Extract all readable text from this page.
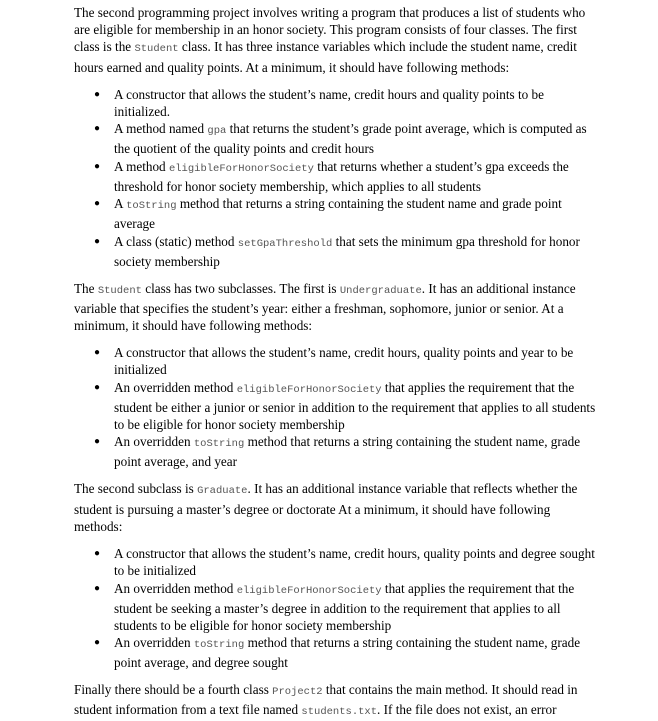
The second programming project involves writing a program that produces a list of students who are eligible for membership in an honor society. This program consists of four classes. The first class is the Student class. It has three instance variables which include the student name, credit hours earned and quality points. At a minimum, it should have following methods:

● A constructor that allows the student’s name, credit hours and quality points to be initialized.
● A method named gpa that returns the student’s grade point average, which is computed as the quotient of the quality points and credit hours
● A method eligibleForHonorSociety that returns whether a student’s gpa exceeds the threshold for honor society membership, which applies to all students
● A toString method that returns a string containing the student name and grade point average
● A class (static) method setGpaThreshold that sets the minimum gpa threshold for honor society membership

The Student class has two subclasses. The first is Undergraduate. It has an additional instance variable that specifies the student’s year: either a freshman, sophomore, junior or senior. At a minimum, it should have following methods:

● A constructor that allows the student’s name, credit hours, quality points and year to be initialized
● An overridden method eligibleForHonorSociety that applies the requirement that the student be either a junior or senior in addition to the requirement that applies to all students to be eligible for honor society membership
● An overridden toString method that returns a string containing the student name, grade point average, and year

The second subclass is Graduate. It has an additional instance variable that reflects whether the student is pursuing a master’s degree or doctorate At a minimum, it should have following methods:

● A constructor that allows the student’s name, credit hours, quality points and degree sought to be initialized
● An overridden method eligibleForHonorSociety that applies the requirement that the student be seeking a master’s degree in addition to the requirement that applies to all students to be eligible for honor society membership
● An overridden toString method that returns a string containing the student name, grade point average, and degree sought

Finally there should be a fourth class Project2 that contains the main method. It should read in student information from a text file named students.txt. If the file does not exist, an error
